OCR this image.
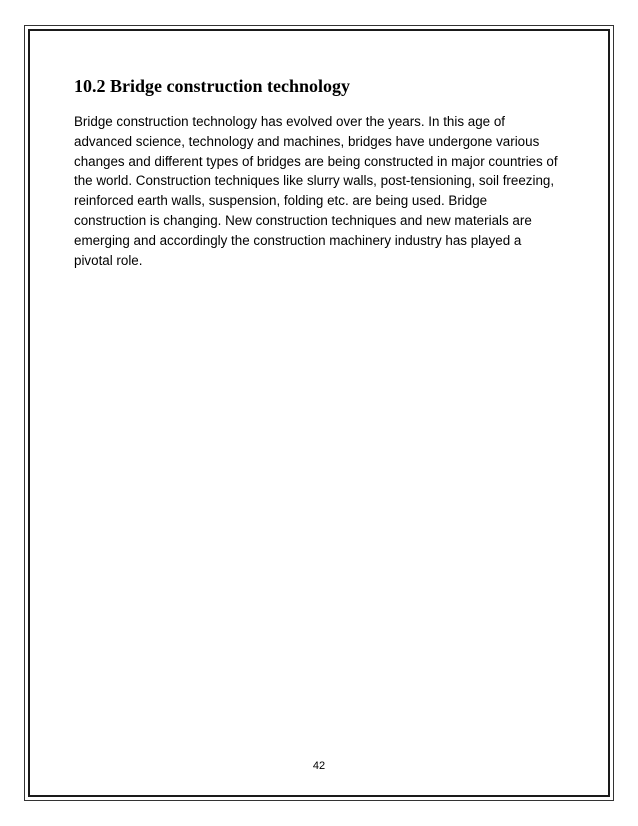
10.2 Bridge construction technology

Bridge construction technology has evolved over the years. In this age of
advanced science, technology and machines, bridges have undergone various
changes and different types of bridges are being constructed in major countries of
the world. Construction techniques like slurry walls, post-tensioning, soil freezing,
reinforced earth walls, suspension, folding etc. are being used. Bridge
construction is changing. New construction techniques and new materials are
emerging and accordingly the construction machinery industry has played a
pivotal role.

42
